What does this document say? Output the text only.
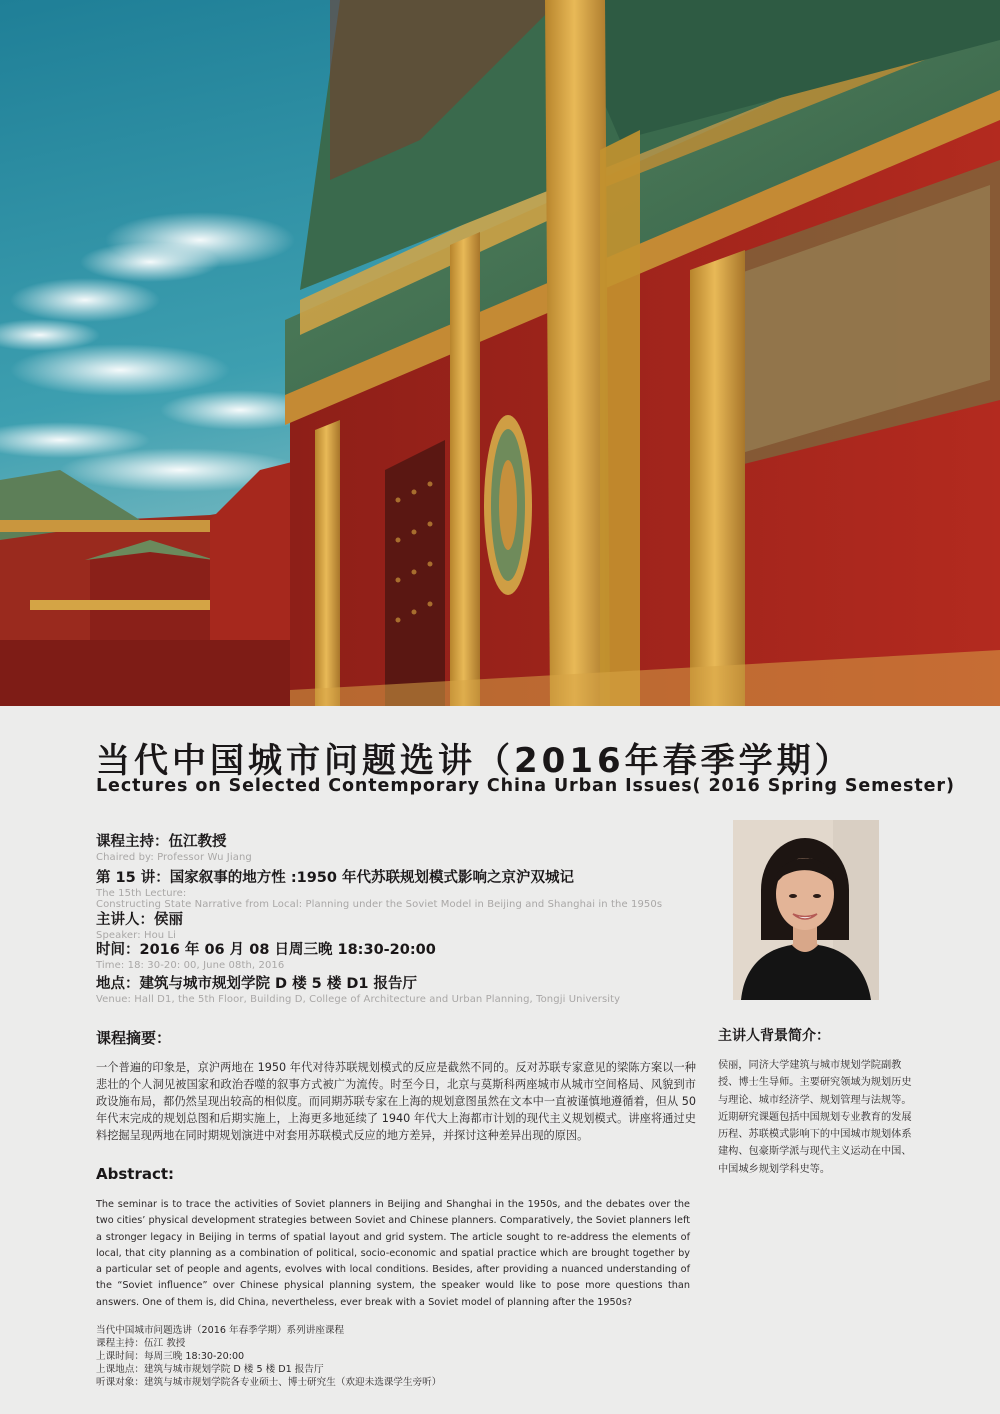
当代中国城市问题选讲（2016年春季学期）
Lectures on Selected Contemporary China Urban Issues( 2016 Spring Semester)
课程主持：伍江教授
Chaired by: Professor Wu Jiang
第 15 讲：国家叙事的地方性 :1950 年代苏联规划模式影响之京沪双城记
The 15th Lecture:
Constructing State Narrative from Local: Planning under the Soviet Model in Beijing and Shanghai in the 1950s
主讲人：侯丽
Speaker: Hou Li
时间：2016 年 06 月 08 日周三晚 18:30-20:00
Time: 18: 30-20: 00, June 08th, 2016
地点：建筑与城市规划学院 D 楼 5 楼 D1 报告厅
Venue: Hall D1, the 5th Floor, Building D, College of Architecture and Urban Planning, Tongji University
课程摘要：
一个普遍的印象是，京沪两地在 1950 年代对待苏联规划模式的反应是截然不同的。反对苏联专家意见的梁陈方案以一种悲壮的个人洞见被国家和政治吞噬的叙事方式被广为流传。时至今日，北京与莫斯科两座城市从城市空间格局、风貌到市政设施布局，都仍然呈现出较高的相似度。而同期苏联专家在上海的规划意图虽然在文本中一直被谨慎地遵循着，但从 50 年代末完成的规划总图和后期实施上，上海更多地延续了 1940 年代大上海都市计划的现代主义规划模式。讲座将通过史料挖掘呈现两地在同时期规划演进中对套用苏联模式反应的地方差异，并探讨这种差异出现的原因。
Abstract:
The seminar is to trace the activities of Soviet planners in Beijing and Shanghai in the 1950s, and the debates over the two cities’ physical development strategies between Soviet and Chinese planners. Comparatively, the Soviet planners left a stronger legacy in Beijing in terms of spatial layout and grid system. The article sought to re-address the elements of local, that city planning as a combination of political, socio-economic and spatial practice which are brought together by a particular set of people and agents, evolves with local conditions. Besides, after providing a nuanced understanding of the “Soviet influence” over Chinese physical planning system, the speaker would like to pose more questions than answers. One of them is, did China, nevertheless, ever break with a Soviet model of planning after the 1950s?
主讲人背景简介：
侯丽，同济大学建筑与城市规划学院副教授、博士生导师。主要研究领域为规划历史与理论、城市经济学、规划管理与法规等。近期研究课题包括中国规划专业教育的发展历程、苏联模式影响下的中国城市规划体系建构、包豪斯学派与现代主义运动在中国、中国城乡规划学科史等。
当代中国城市问题选讲（2016 年春季学期）系列讲座课程
课程主持：伍江 教授
上课时间：每周三晚 18:30-20:00
上课地点：建筑与城市规划学院 D 楼 5 楼 D1 报告厅
听课对象：建筑与城市规划学院各专业硕士、博士研究生（欢迎未选课学生旁听）
